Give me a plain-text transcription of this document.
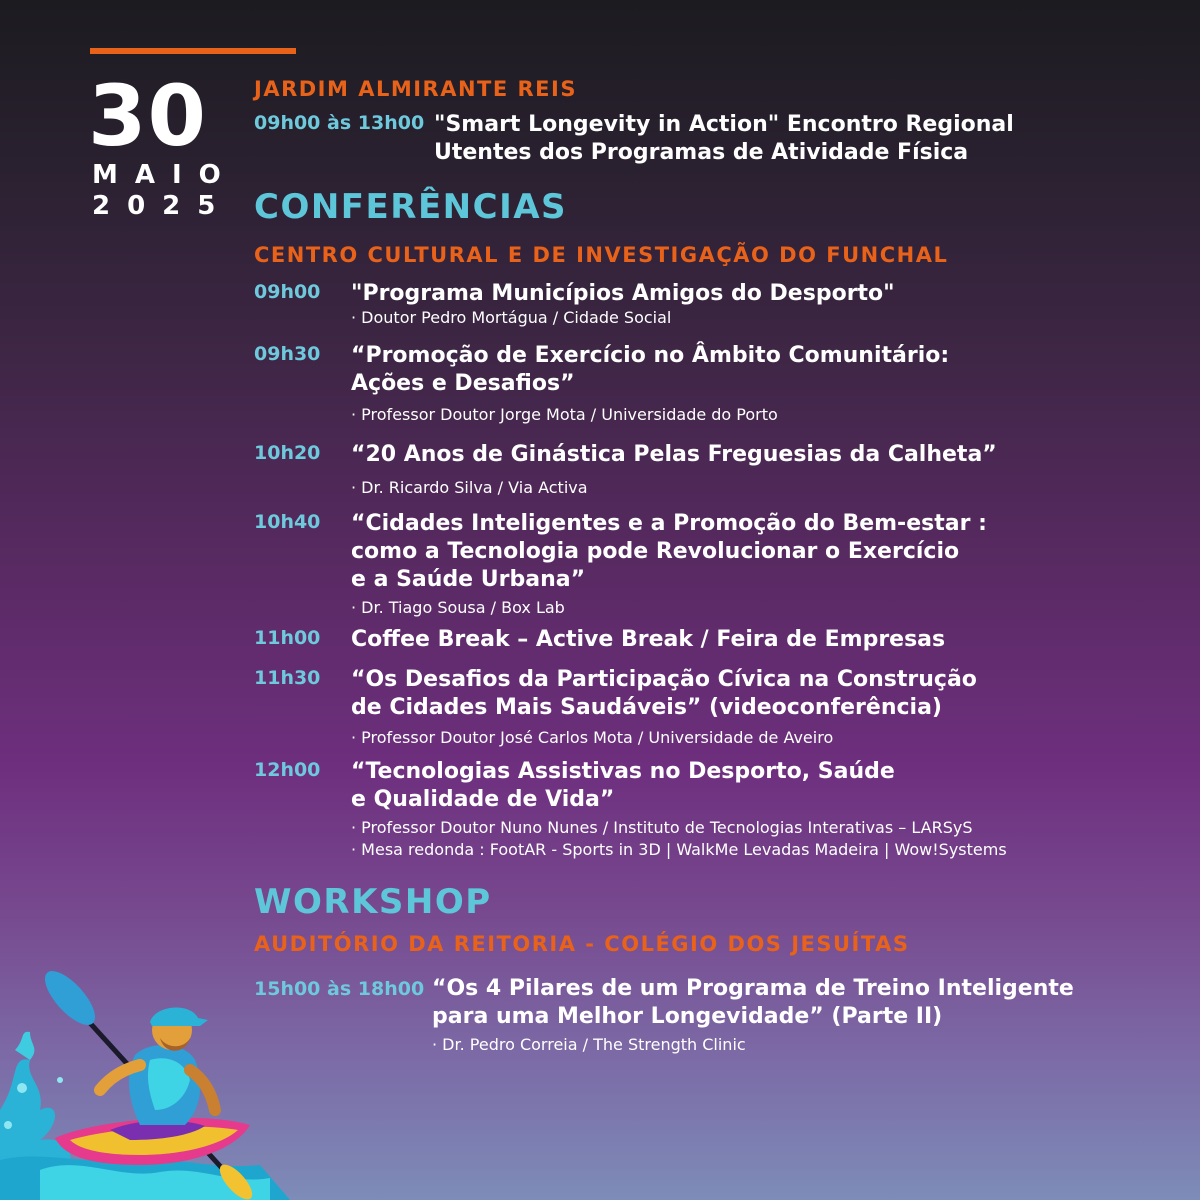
30
MAIO
2025
JARDIM ALMIRANTE REIS
09h00 às 13h00 "Smart Longevity in Action" Encontro Regional
Utentes dos Programas de Atividade Física
CONFERÊNCIAS
CENTRO CULTURAL E DE INVESTIGAÇÃO DO FUNCHAL
09h00 "Programa Municípios Amigos do Desporto"
· Doutor Pedro Mortágua / Cidade Social
09h30 “Promoção de Exercício no Âmbito Comunitário:
Ações e Desafios”
· Professor Doutor Jorge Mota / Universidade do Porto
10h20 “20 Anos de Ginástica Pelas Freguesias da Calheta”
· Dr. Ricardo Silva / Via Activa
10h40 “Cidades Inteligentes e a Promoção do Bem-estar :
como a Tecnologia pode Revolucionar o Exercício
e a Saúde Urbana”
· Dr. Tiago Sousa / Box Lab
11h00 Coffee Break – Active Break / Feira de Empresas
11h30 “Os Desafios da Participação Cívica na Construção
de Cidades Mais Saudáveis” (videoconferência)
· Professor Doutor José Carlos Mota / Universidade de Aveiro
12h00 “Tecnologias Assistivas no Desporto, Saúde
e Qualidade de Vida”
· Professor Doutor Nuno Nunes / Instituto de Tecnologias Interativas – LARSyS
· Mesa redonda : FootAR - Sports in 3D | WalkMe Levadas Madeira | Wow!Systems
WORKSHOP
AUDITÓRIO DA REITORIA - COLÉGIO DOS JESUÍTAS
15h00 às 18h00 “Os 4 Pilares de um Programa de Treino Inteligente
para uma Melhor Longevidade” (Parte II)
· Dr. Pedro Correia / The Strength Clinic
